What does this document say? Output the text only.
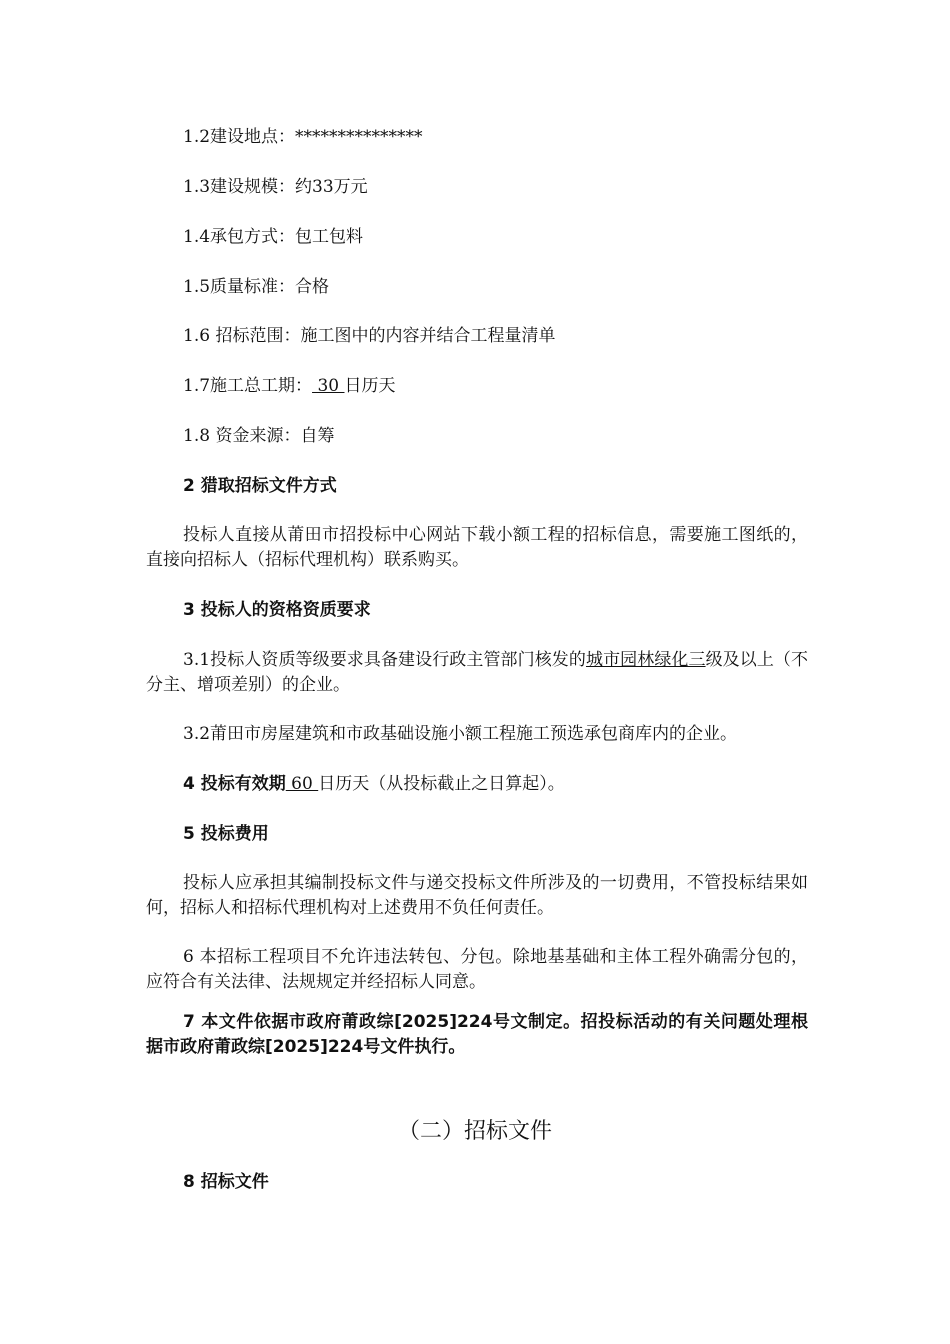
1.2建设地点：***************
1.3建设规模：约33万元
1.4承包方式：包工包料
1.5质量标准：合格
1.6 招标范围：施工图中的内容并结合工程量清单
1.7施工总工期： 30 日历天
1.8 资金来源：自筹
2 猎取招标文件方式
投标人直接从莆田市招投标中心网站下载小额工程的招标信息，需要施工图纸的，直接向招标人（招标代理机构）联系购买。
3 投标人的资格资质要求
3.1投标人资质等级要求具备建设行政主管部门核发的城市园林绿化三级及以上（不分主、增项差别）的企业。
3.2莆田市房屋建筑和市政基础设施小额工程施工预选承包商库内的企业。
4 投标有效期 60 日历天（从投标截止之日算起）。
5 投标费用
投标人应承担其编制投标文件与递交投标文件所涉及的一切费用，不管投标结果如何，招标人和招标代理机构对上述费用不负任何责任。
6 本招标工程项目不允许违法转包、分包。除地基基础和主体工程外确需分包的，应符合有关法律、法规规定并经招标人同意。
7 本文件依据市政府莆政综[2025]224号文制定。招投标活动的有关问题处理根据市政府莆政综[2025]224号文件执行。
（二）招标文件
8 招标文件
